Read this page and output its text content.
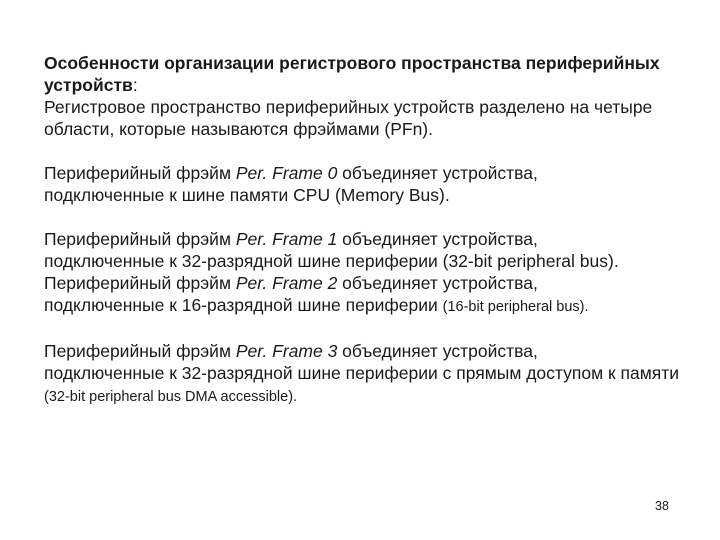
Особенности организации регистрового пространства периферийных устройств:

Регистровое пространство периферийных устройств разделено на четыре области, которые называются фрэймами (PFn).

Периферийный фрэйм Per. Frame 0 объединяет устройства,
подключенные к шине памяти CPU (Memory Bus).

Периферийный фрэйм Per. Frame 1 объединяет устройства,
подключенные к 32-разрядной шине периферии (32-bit peripheral bus).

Периферийный фрэйм Per. Frame 2 объединяет устройства,
подключенные к 16-разрядной шине периферии (16-bit peripheral bus).

Периферийный фрэйм Per. Frame 3 объединяет устройства,
подключенные к 32-разрядной шине периферии с прямым доступом к памяти (32-bit peripheral bus DMA accessible).

38
